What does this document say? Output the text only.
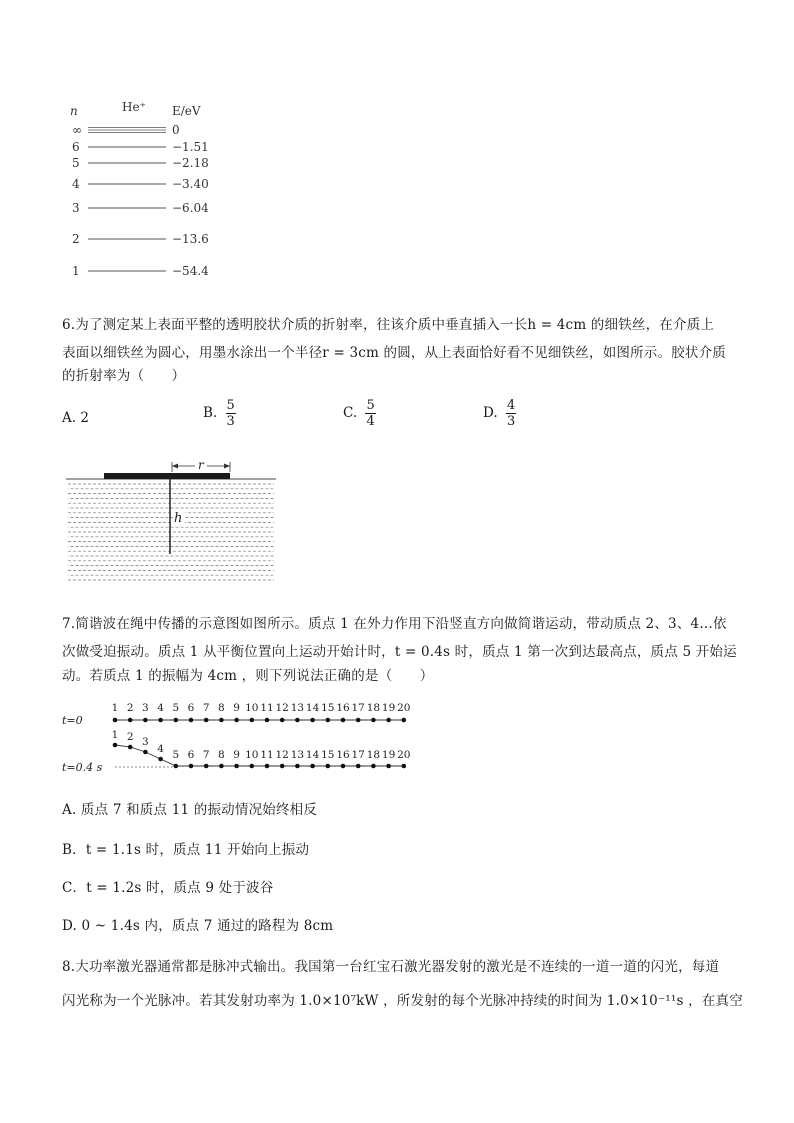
n	He⁺ E/eV
∞	0
6	−1.51
5	−2.18
4	−3.40
3	−6.04
2	−13.6
1	−54.4
6.为了测定某上表面平整的透明胶状介质的折射率，往该介质中垂直插入一长h = 4cm 的细铁丝，在介质上
表面以细铁丝为圆心，用墨水涂出一个半径r = 3cm 的圆，从上表面恰好看不见细铁丝，如图所示。胶状介质
的折射率为（　　）
A. 2	B. $\frac{5}{3}$	C. $\frac{5}{4}$	D. $\frac{4}{3}$
r
h
7.简谐波在绳中传播的示意图如图所示。质点 1 在外力作用下沿竖直方向做简谐运动，带动质点 2、3、4…依
次做受迫振动。质点 1 从平衡位置向上运动开始计时，t = 0.4s 时，质点 1 第一次到达最高点，质点 5 开始运
动。若质点 1 的振幅为 4cm ，则下列说法正确的是（　　）
t=0
t=0.4 s
1 2 3 4 5 6 7 8 9 10 11 12 13 14 15 16 17 18 19 20
1 2 3
4 5 6 7 8 9 10 11 12 13 14 15 16 17 18 19 20
A. 质点 7 和质点 11 的振动情况始终相反
B．t = 1.1s 时，质点 11 开始向上振动
C．t = 1.2s 时，质点 9 处于波谷
D. 0 ~ 1.4s 内，质点 7 通过的路程为 8cm
8.大功率激光器通常都是脉冲式输出。我国第一台红宝石激光器发射的激光是不连续的一道一道的闪光，每道
闪光称为一个光脉冲。若其发射功率为 1.0×10⁷kW ，所发射的每个光脉冲持续的时间为 1.0×10⁻¹¹s ，在真空
